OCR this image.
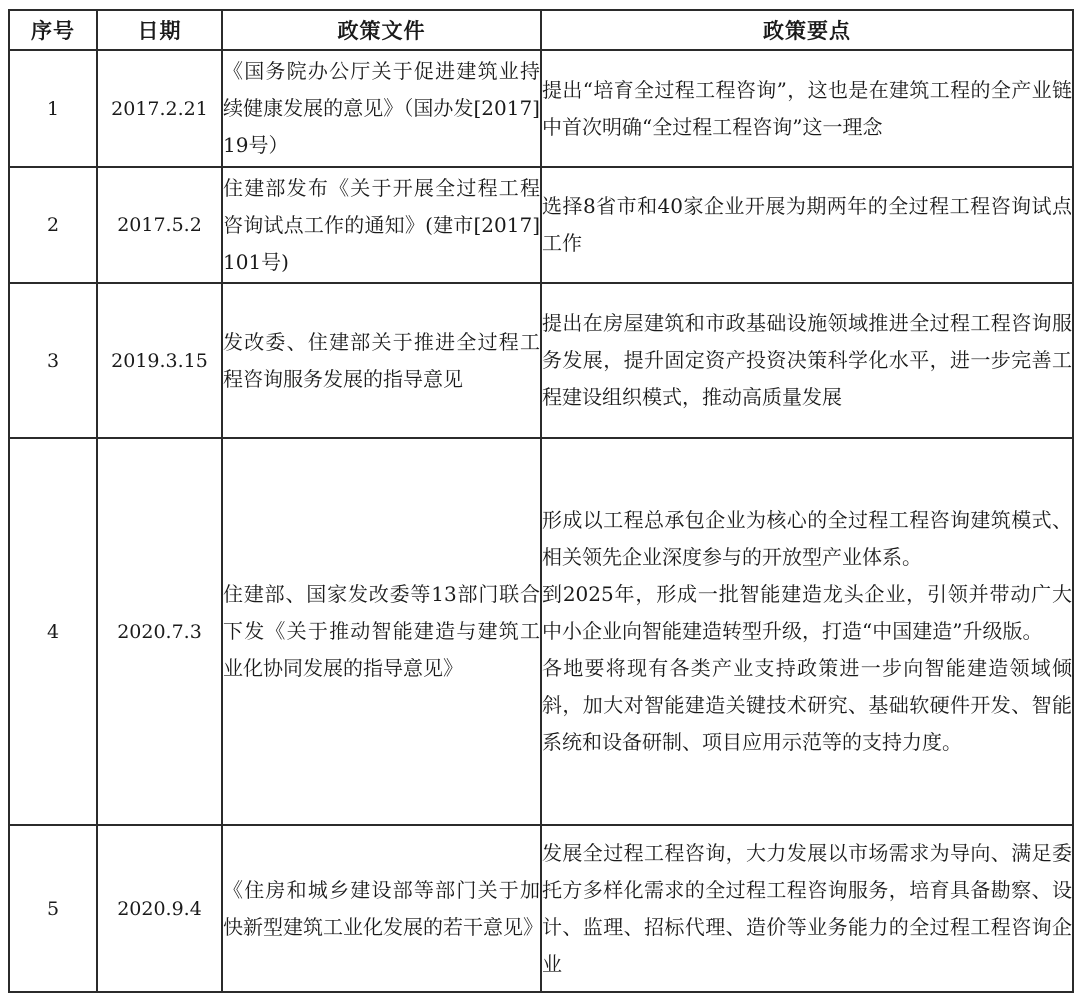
序号	日期	政策文件	政策要点
1	2017.2.21	《国务院办公厅关于促进建筑业持续健康发展的意见》（国办发[2017]19号）	提出“培育全过程工程咨询”，这也是在建筑工程的全产业链中首次明确“全过程工程咨询”这一理念

2	2017.5.2	住建部发布《关于开展全过程工程咨询试点工作的通知》(建市[2017]101号)	选择8省市和40家企业开展为期两年的全过程工程咨询试点工作

3	2019.3.15	发改委、住建部关于推进全过程工程咨询服务发展的指导意见	提出在房屋建筑和市政基础设施领域推进全过程工程咨询服务发展，提升固定资产投资决策科学化水平，进一步完善工程建设组织模式，推动高质量发展

4	2020.7.3	住建部、国家发改委等13部门联合下发《关于推动智能建造与建筑工业化协同发展的指导意见》	形成以工程总承包企业为核心的全过程工程咨询建筑模式、相关领先企业深度参与的开放型产业体系。
到2025年，形成一批智能建造龙头企业，引领并带动广大中小企业向智能建造转型升级，打造“中国建造”升级版。
各地要将现有各类产业支持政策进一步向智能建造领域倾斜，加大对智能建造关键技术研究、基础软硬件开发、智能系统和设备研制、项目应用示范等的支持力度。

5	2020.9.4	《住房和城乡建设部等部门关于加快新型建筑工业化发展的若干意见》	发展全过程工程咨询，大力发展以市场需求为导向、满足委托方多样化需求的全过程工程咨询服务，培育具备勘察、设计、监理、招标代理、造价等业务能力的全过程工程咨询企业
